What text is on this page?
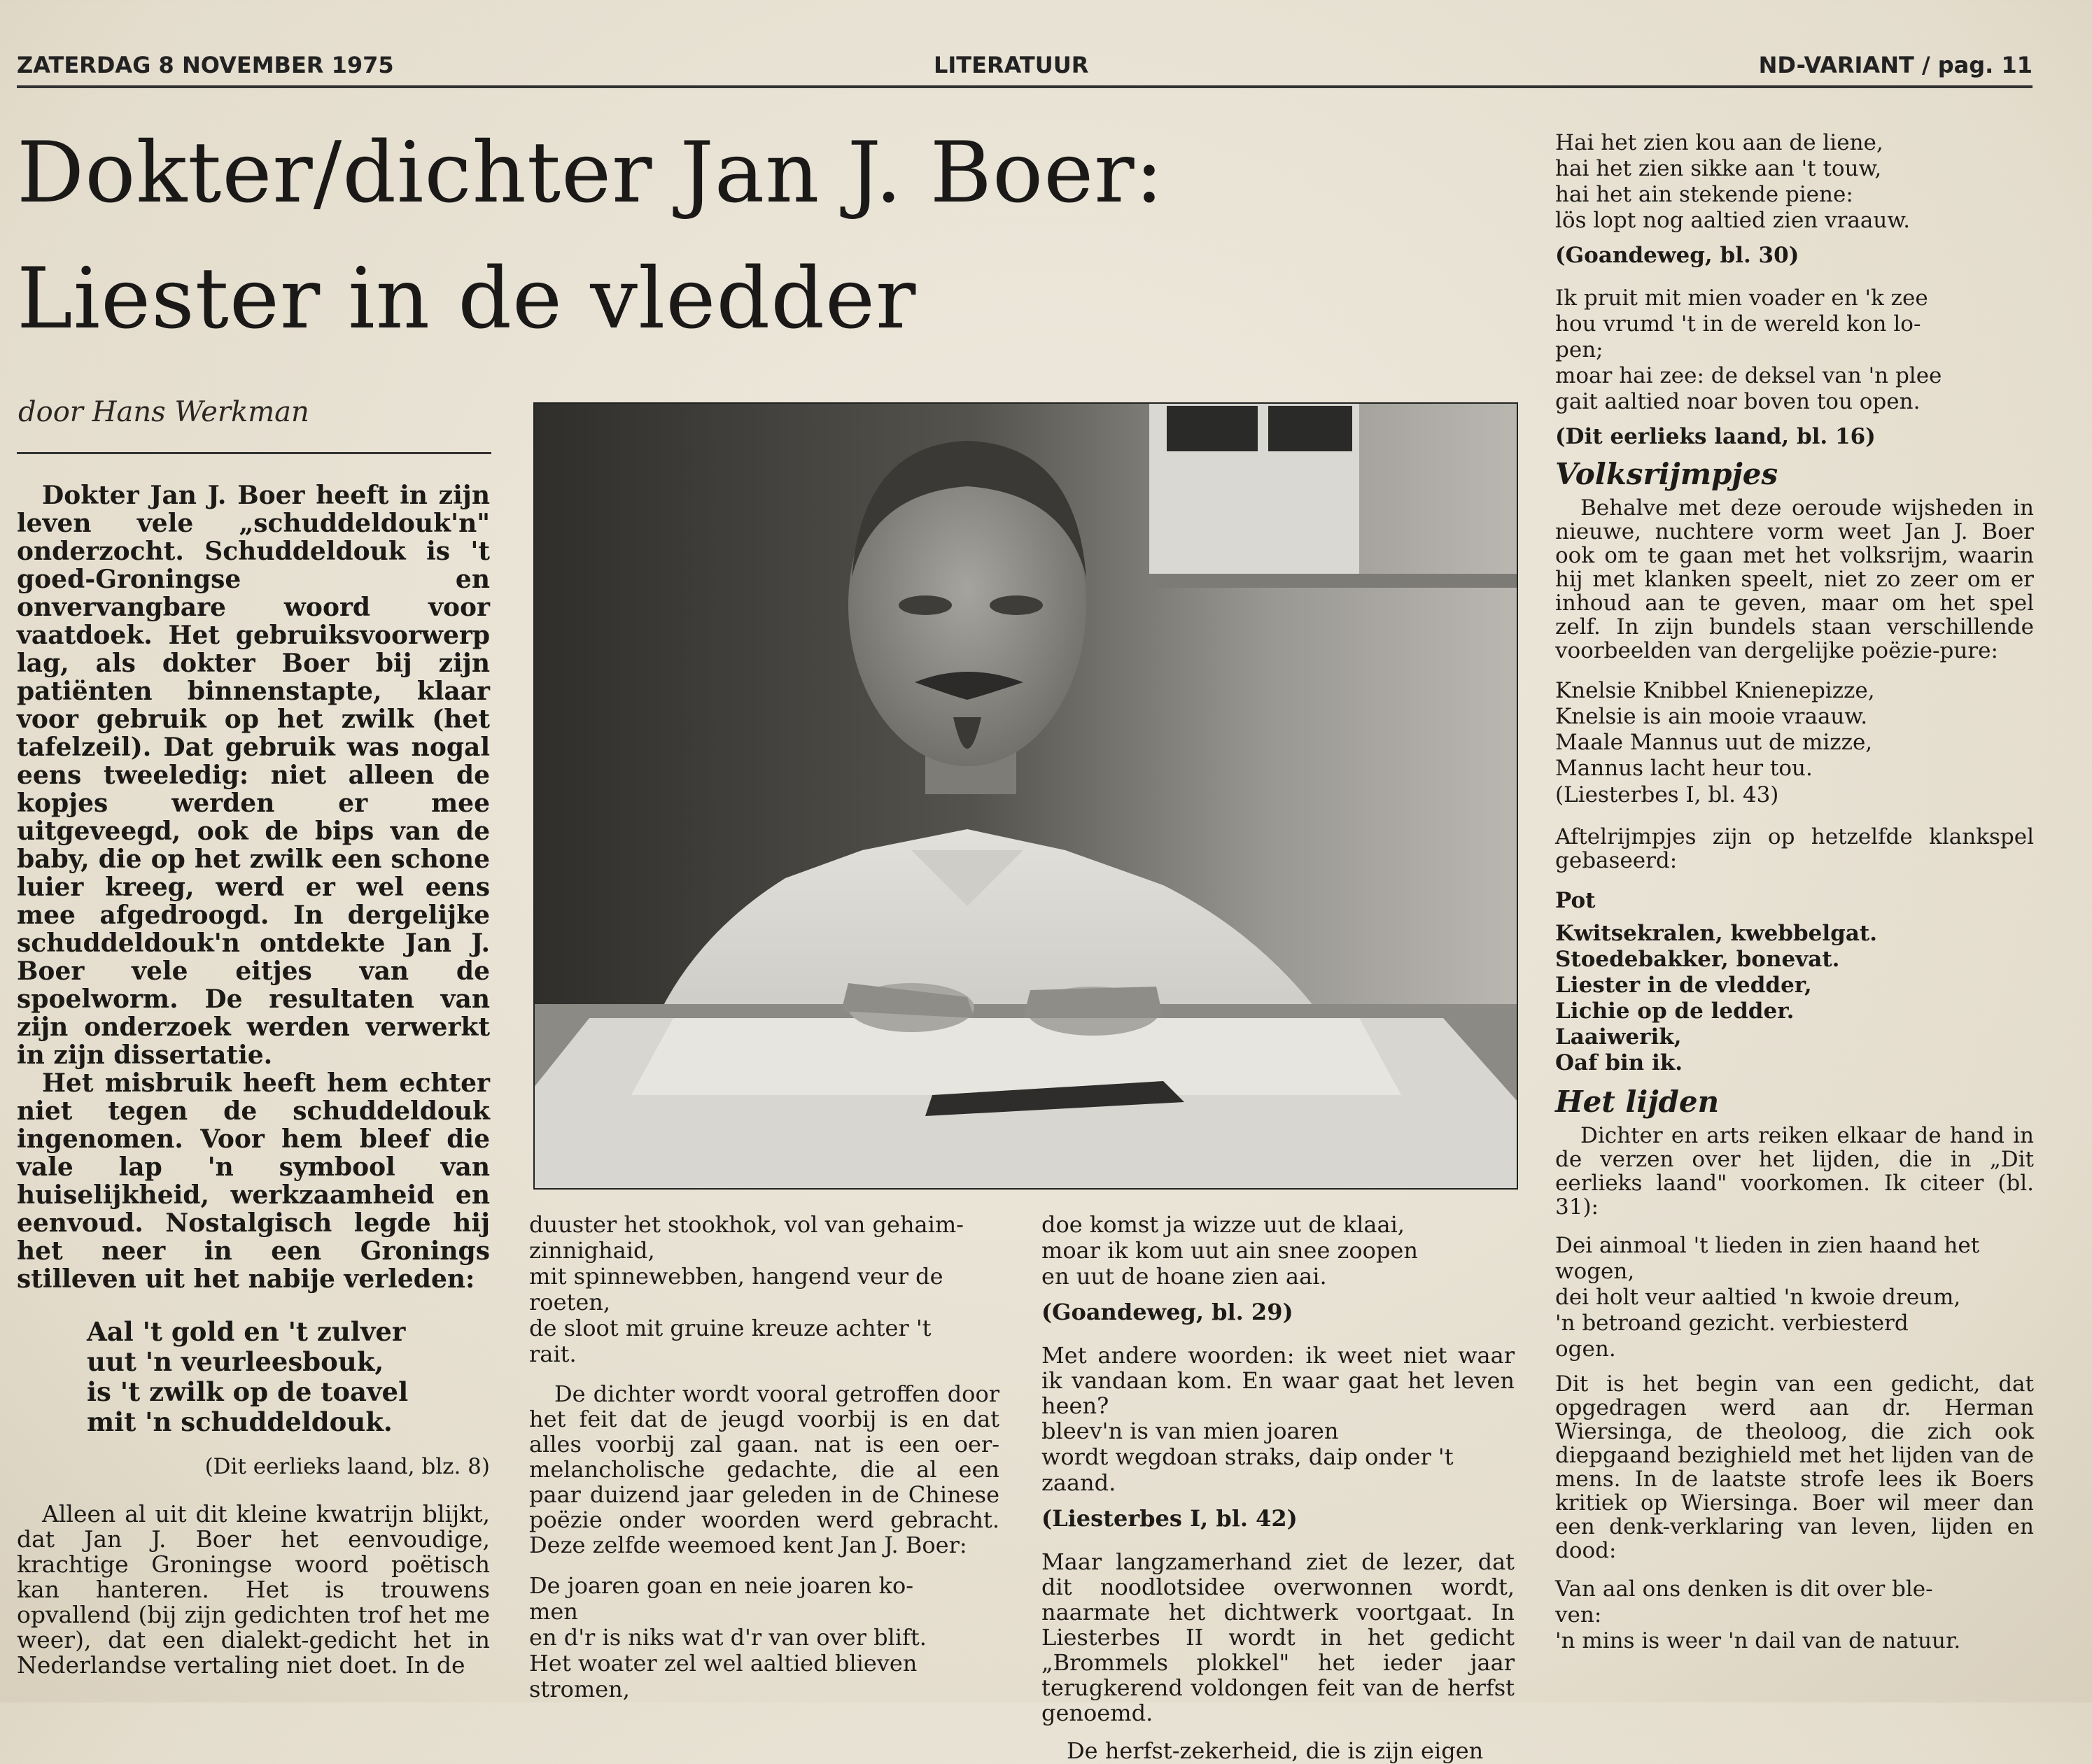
ZATERDAG 8 NOVEMBER 1975	LITERATUUR	ND-VARIANT / pag. 11
Dokter/dichter Jan J. Boer:
Liester in de vledder
door Hans Werkman

Dokter Jan J. Boer heeft in zijn leven vele „schuddeldouk'n" onderzocht. Schuddeldouk is 't goed-Groningse en onvervangbare woord voor vaatdoek. Het gebruiksvoorwerp lag, als dokter Boer bij zijn patiënten binnenstapte, klaar voor gebruik op het zwilk (het tafelzeil). Dat gebruik was nogal eens tweeledig: niet alleen de kopjes werden er mee uitgeveegd, ook de bips van de baby, die op het zwilk een schone luier kreeg, werd er wel eens mee afgedroogd. In dergelijke schuddeldouk'n ontdekte Jan J. Boer vele eitjes van de spoelworm. De resultaten van zijn onderzoek werden verwerkt in zijn dissertatie.

Het misbruik heeft hem echter niet tegen de schuddeldouk ingenomen. Voor hem bleef die vale lap 'n symbool van huiselijkheid, werkzaamheid en eenvoud. Nostalgisch legde hij het neer in een Gronings stilleven uit het nabije verleden:

Aal 't gold en 't zulver
uut 'n veurleesbouk,
is 't zwilk op de toavel
mit 'n schuddeldouk.
(Dit eerlieks laand, blz. 8)

Alleen al uit dit kleine kwatrijn blijkt, dat Jan J. Boer het eenvoudige, krachtige Groningse woord poëtisch kan hanteren. Het is trouwens opvallend (bij zijn gedichten trof het me weer), dat een dialekt-gedicht het in Nederlandse vertaling niet doet. In de

duuster het stookhok, vol van gehaim-
zinnighaid,
mit spinnewebben, hangend veur de
roeten,
de sloot mit gruine kreuze achter 't
rait.

De dichter wordt vooral getroffen door het feit dat de jeugd voorbij is en dat alles voorbij zal gaan. nat is een oer-melancholische gedachte, die al een paar duizend jaar geleden in de Chinese poëzie onder woorden werd gebracht. Deze zelfde weemoed kent Jan J. Boer:

De joaren goan en neie joaren ko-
men
en d'r is niks wat d'r van over blift.
Het woater zel wel aaltied blieven
stromen,
doe komst ja wizze uut de klaai,
moar ik kom uut ain snee zoopen
en uut de hoane zien aai.
(Goandeweg, bl. 29)

Met andere woorden: ik weet niet waar ik vandaan kom. En waar gaat het leven heen?

bleev'n is van mien joaren
wordt wegdoan straks, daip onder 't
zaand.
(Liesterbes I, bl. 42)

Maar langzamerhand ziet de lezer, dat dit noodlotsidee overwonnen wordt, naarmate het dichtwerk voortgaat. In Liesterbes II wordt in het gedicht „Brommels plokkel" het ieder jaar terugkerend voldongen feit van de herfst genoemd.

De herfst-zekerheid, die is zijn eigen

Hai het zien kou aan de liene,
hai het zien sikke aan 't touw,
hai het ain stekende piene:
lös lopt nog aaltied zien vraauw.
(Goandeweg, bl. 30)
Ik pruit mit mien voader en 'k zee
hou vrumd 't in de wereld kon lo-
pen;
moar hai zee: de deksel van 'n plee
gait aaltied noar boven tou open.
(Dit eerlieks laand, bl. 16)
Volksrijmpjes

Behalve met deze oeroude wijsheden in nieuwe, nuchtere vorm weet Jan J. Boer ook om te gaan met het volksrijm, waarin hij met klanken speelt, niet zo zeer om er inhoud aan te geven, maar om het spel zelf. In zijn bundels staan verschillende voorbeelden van dergelijke poëzie-pure:

Knelsie Knibbel Knienepizze,
Knelsie is ain mooie vraauw.
Maale Mannus uut de mizze,
Mannus lacht heur tou.
(Liesterbes I, bl. 43)

Aftelrijmpjes zijn op hetzelfde klankspel gebaseerd:

Pot
Kwitsekralen, kwebbelgat.
Stoedebakker, bonevat.
Liester in de vledder,
Lichie op de ledder.
Laaiwerik,
Oaf bin ik.
Het lijden

Dichter en arts reiken elkaar de hand in de verzen over het lijden, die in „Dit eerlieks laand" voorkomen. Ik citeer (bl. 31):

Dei ainmoal 't lieden in zien haand het
wogen,
dei holt veur aaltied 'n kwoie dreum,
'n betroand gezicht. verbiesterd
ogen.

Dit is het begin van een gedicht, dat opgedragen werd aan dr. Herman Wiersinga, de theoloog, die zich ook diepgaand bezighield met het lijden van de mens. In de laatste strofe lees ik Boers kritiek op Wiersinga. Boer wil meer dan een denk-verklaring van leven, lijden en dood:

Van aal ons denken is dit over ble-
ven:
'n mins is weer 'n dail van de natuur.
